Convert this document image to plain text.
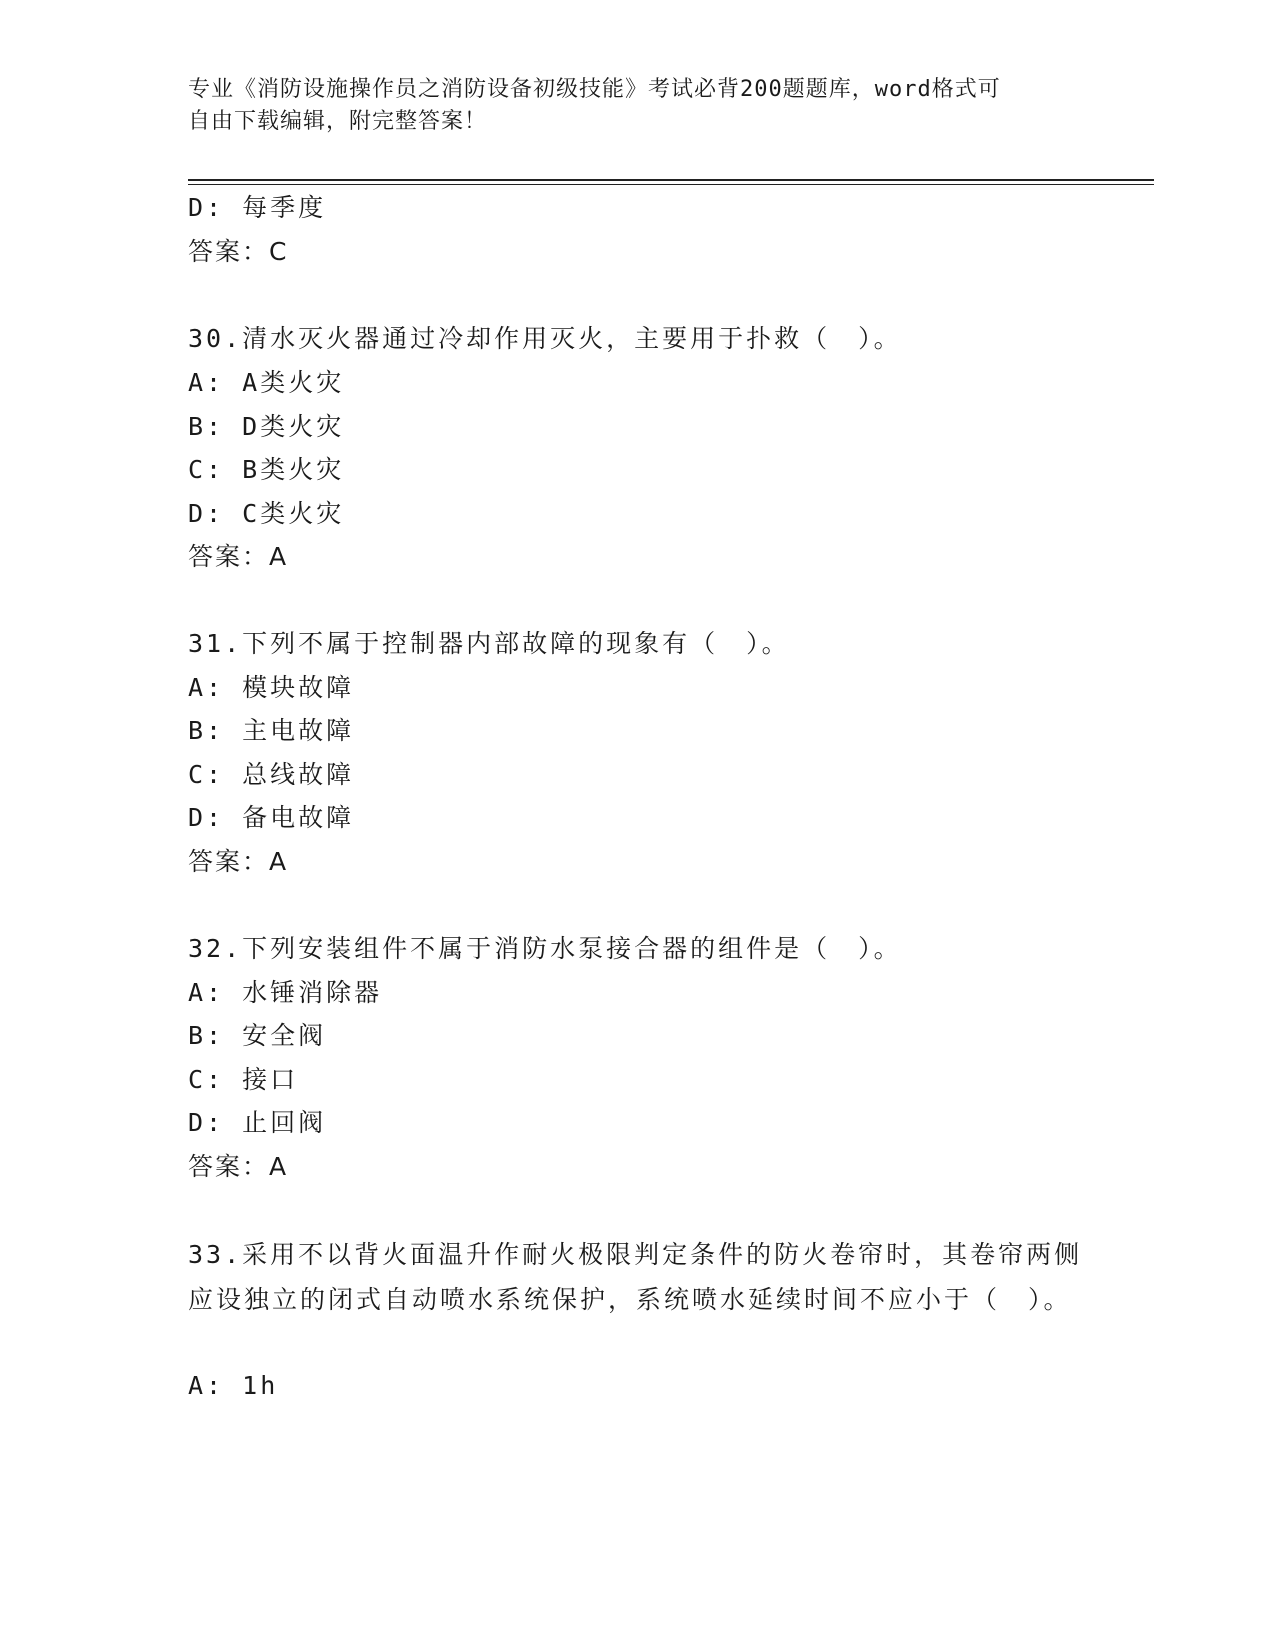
专业《消防设施操作员之消防设备初级技能》考试必背200题题库，word格式可
自由下载编辑，附完整答案！
D: 每季度
答案：C
30.清水灭火器通过冷却作用灭火，主要用于扑救（　）。
A: A类火灾
B: D类火灾
C: B类火灾
D: C类火灾
答案：A
31.下列不属于控制器内部故障的现象有（　）。
A: 模块故障
B: 主电故障
C: 总线故障
D: 备电故障
答案：A
32.下列安装组件不属于消防水泵接合器的组件是（　）。
A: 水锤消除器
B: 安全阀
C: 接口
D: 止回阀
答案：A
33.采用不以背火面温升作耐火极限判定条件的防火卷帘时，其卷帘两侧应设独立的闭式自动喷水系统保护，系统喷水延续时间不应小于（　）。
A: 1h
